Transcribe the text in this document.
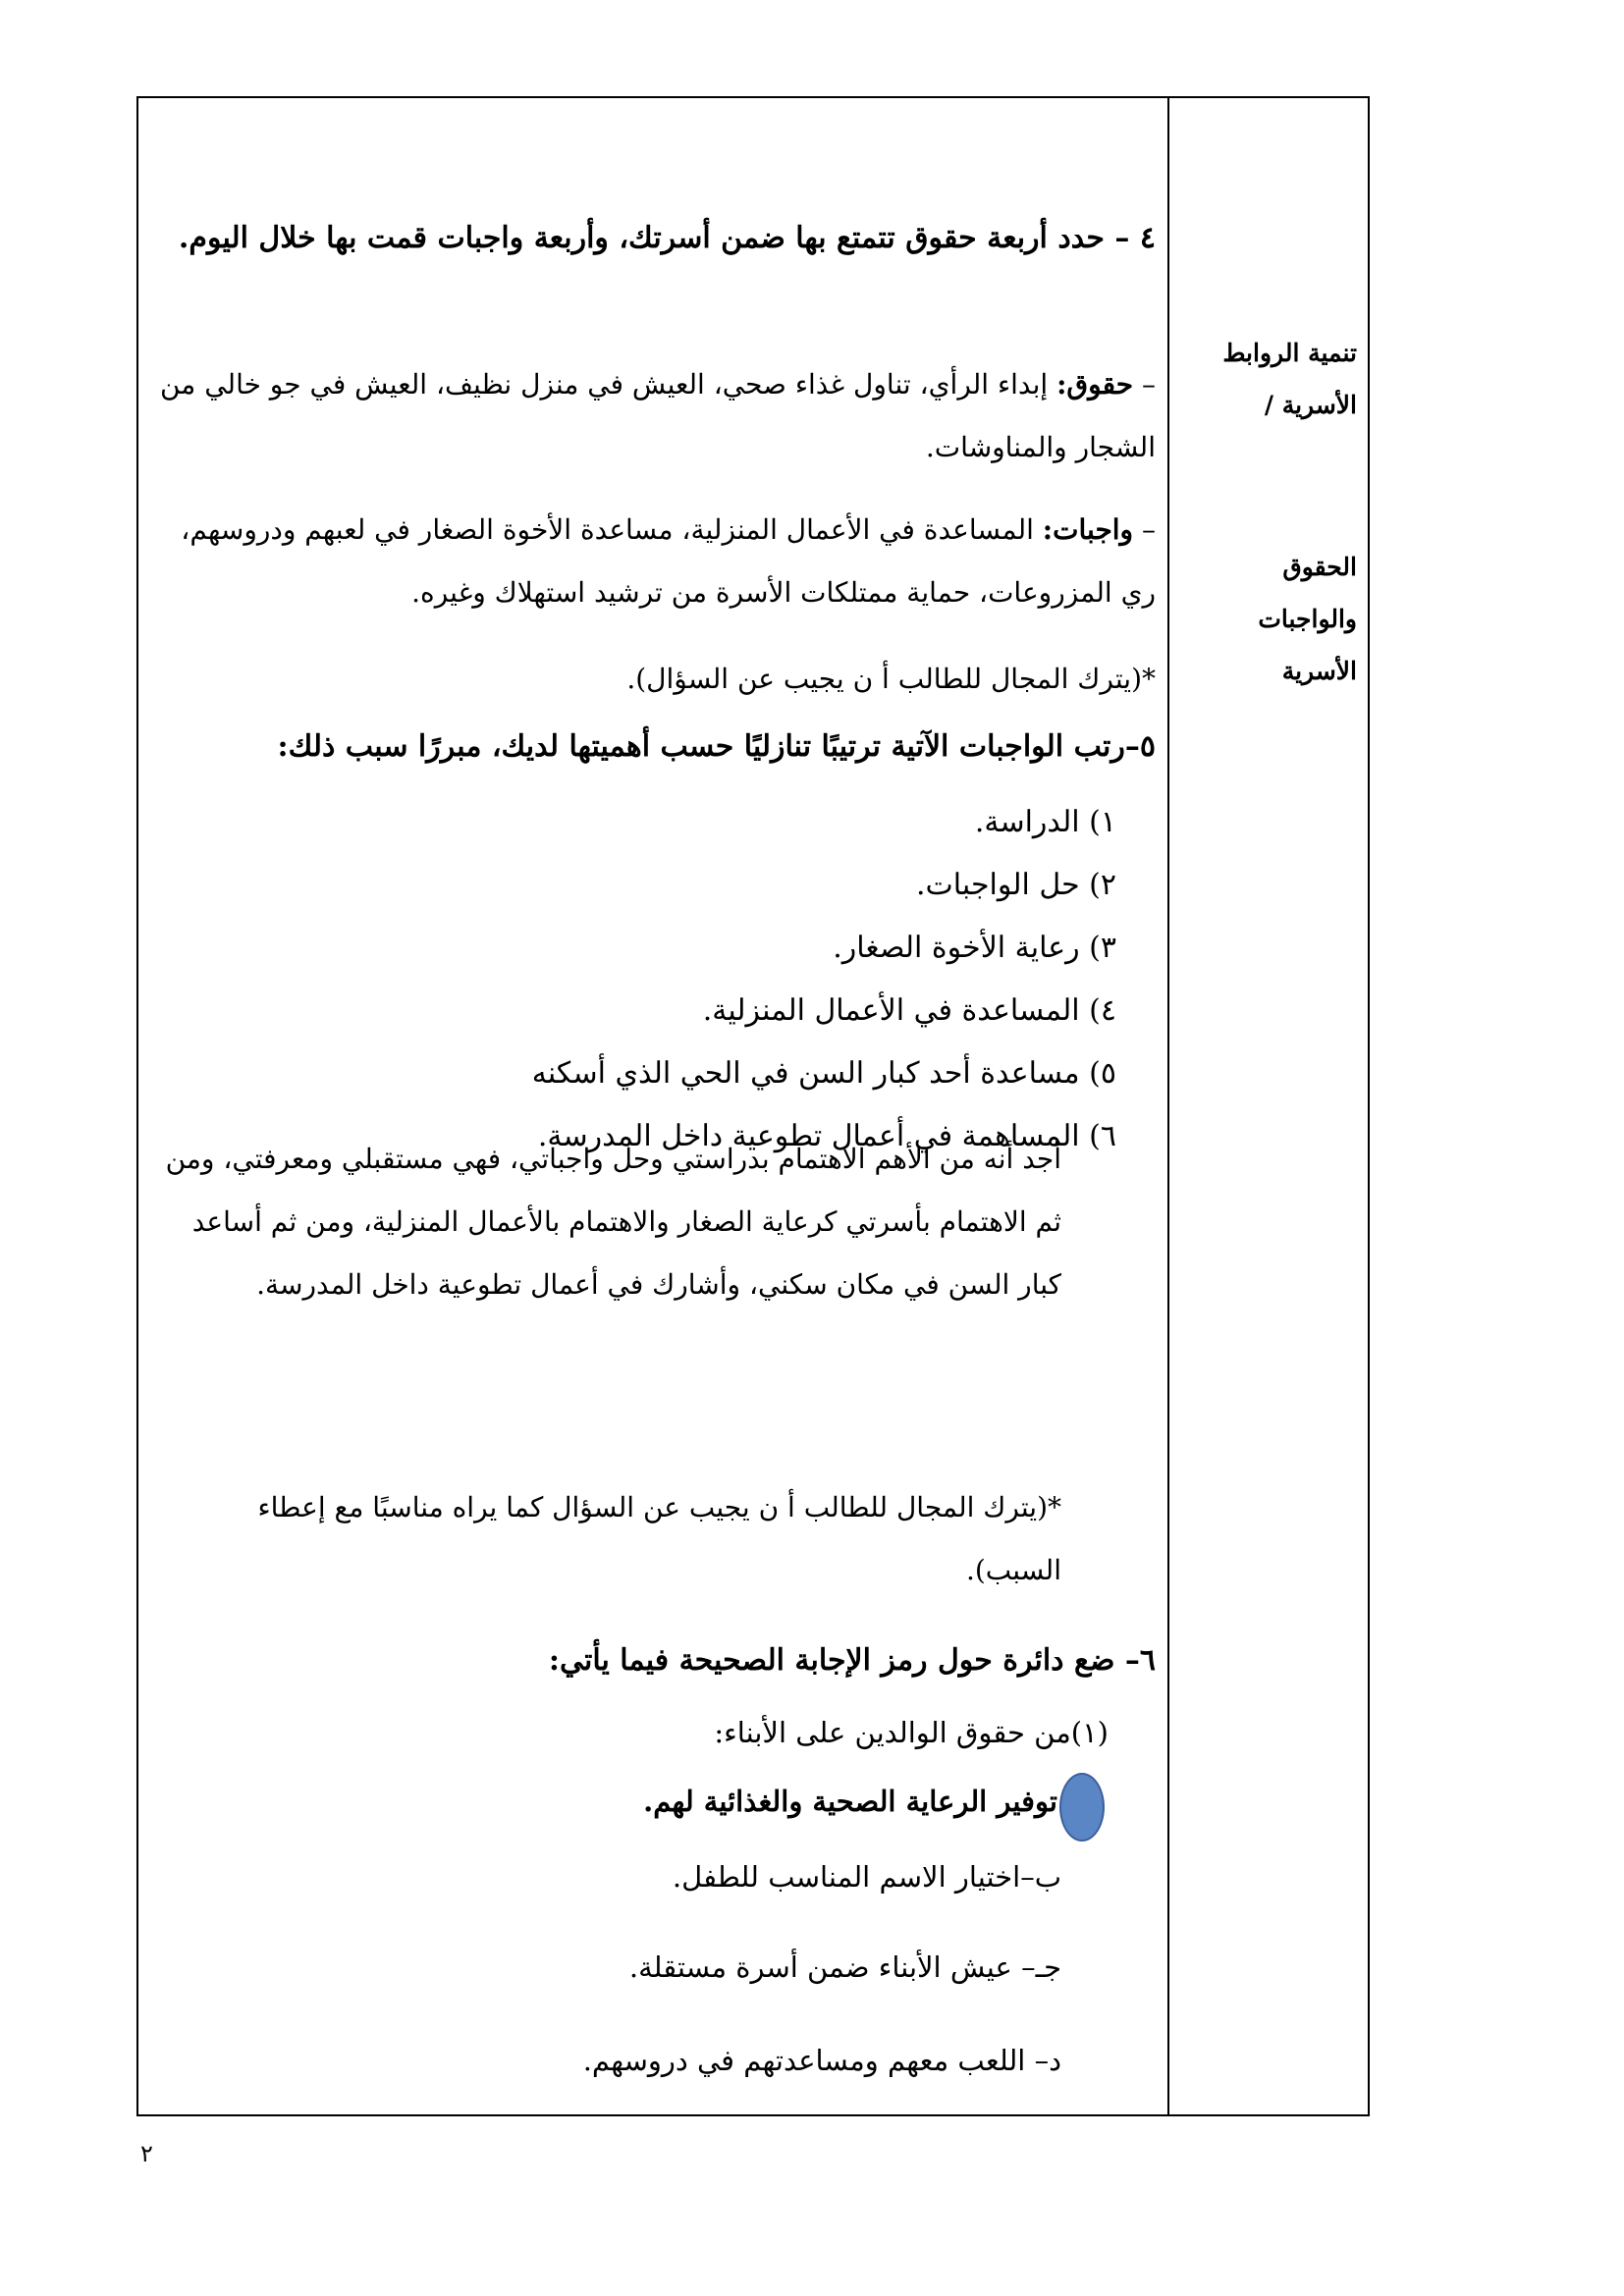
تنمية الروابط
الأسرية /
الحقوق
والواجبات
الأسرية
٤ – حدد أربعة حقوق تتمتع بها ضمن أسرتك، وأربعة واجبات قمت بها خلال اليوم.
– حقوق: إبداء الرأي، تناول غذاء صحي، العيش في منزل نظيف، العيش في جو خالي من الشجار والمناوشات.
– واجبات: المساعدة في الأعمال المنزلية، مساعدة الأخوة الصغار في لعبهم ودروسهم، ري المزروعات، حماية ممتلكات الأسرة من ترشيد استهلاك وغيره.
*(يترك المجال للطالب أ ن يجيب عن السؤال).
٥–رتب الواجبات الآتية ترتيبًا تنازليًا حسب أهميتها لديك، مبررًا سبب ذلك:
١) الدراسة.
٢) حل الواجبات.
٣) رعاية الأخوة الصغار.
٤) المساعدة في الأعمال المنزلية.
٥) مساعدة أحد كبار السن في الحي الذي أسكنه
٦) المساهمة في أعمال تطوعية داخل المدرسة.
أجد أنه من الأهم الاهتمام بدراستي وحل واجباتي، فهي مستقبلي ومعرفتي، ومن ثم الاهتمام بأسرتي كرعاية الصغار والاهتمام بالأعمال المنزلية، ومن ثم أساعد كبار السن في مكان سكني، وأشارك في أعمال تطوعية داخل المدرسة.
*(يترك المجال للطالب أ ن يجيب عن السؤال كما يراه مناسبًا مع إعطاء السبب).
٦– ضع دائرة حول رمز الإجابة الصحيحة فيما يأتي:
(١)من حقوق الوالدين على الأبناء:
توفير الرعاية الصحية والغذائية لهم.
ب–اختيار الاسم المناسب للطفل.
جـ– عيش الأبناء ضمن أسرة مستقلة.
د– اللعب معهم ومساعدتهم في دروسهم.
٢
